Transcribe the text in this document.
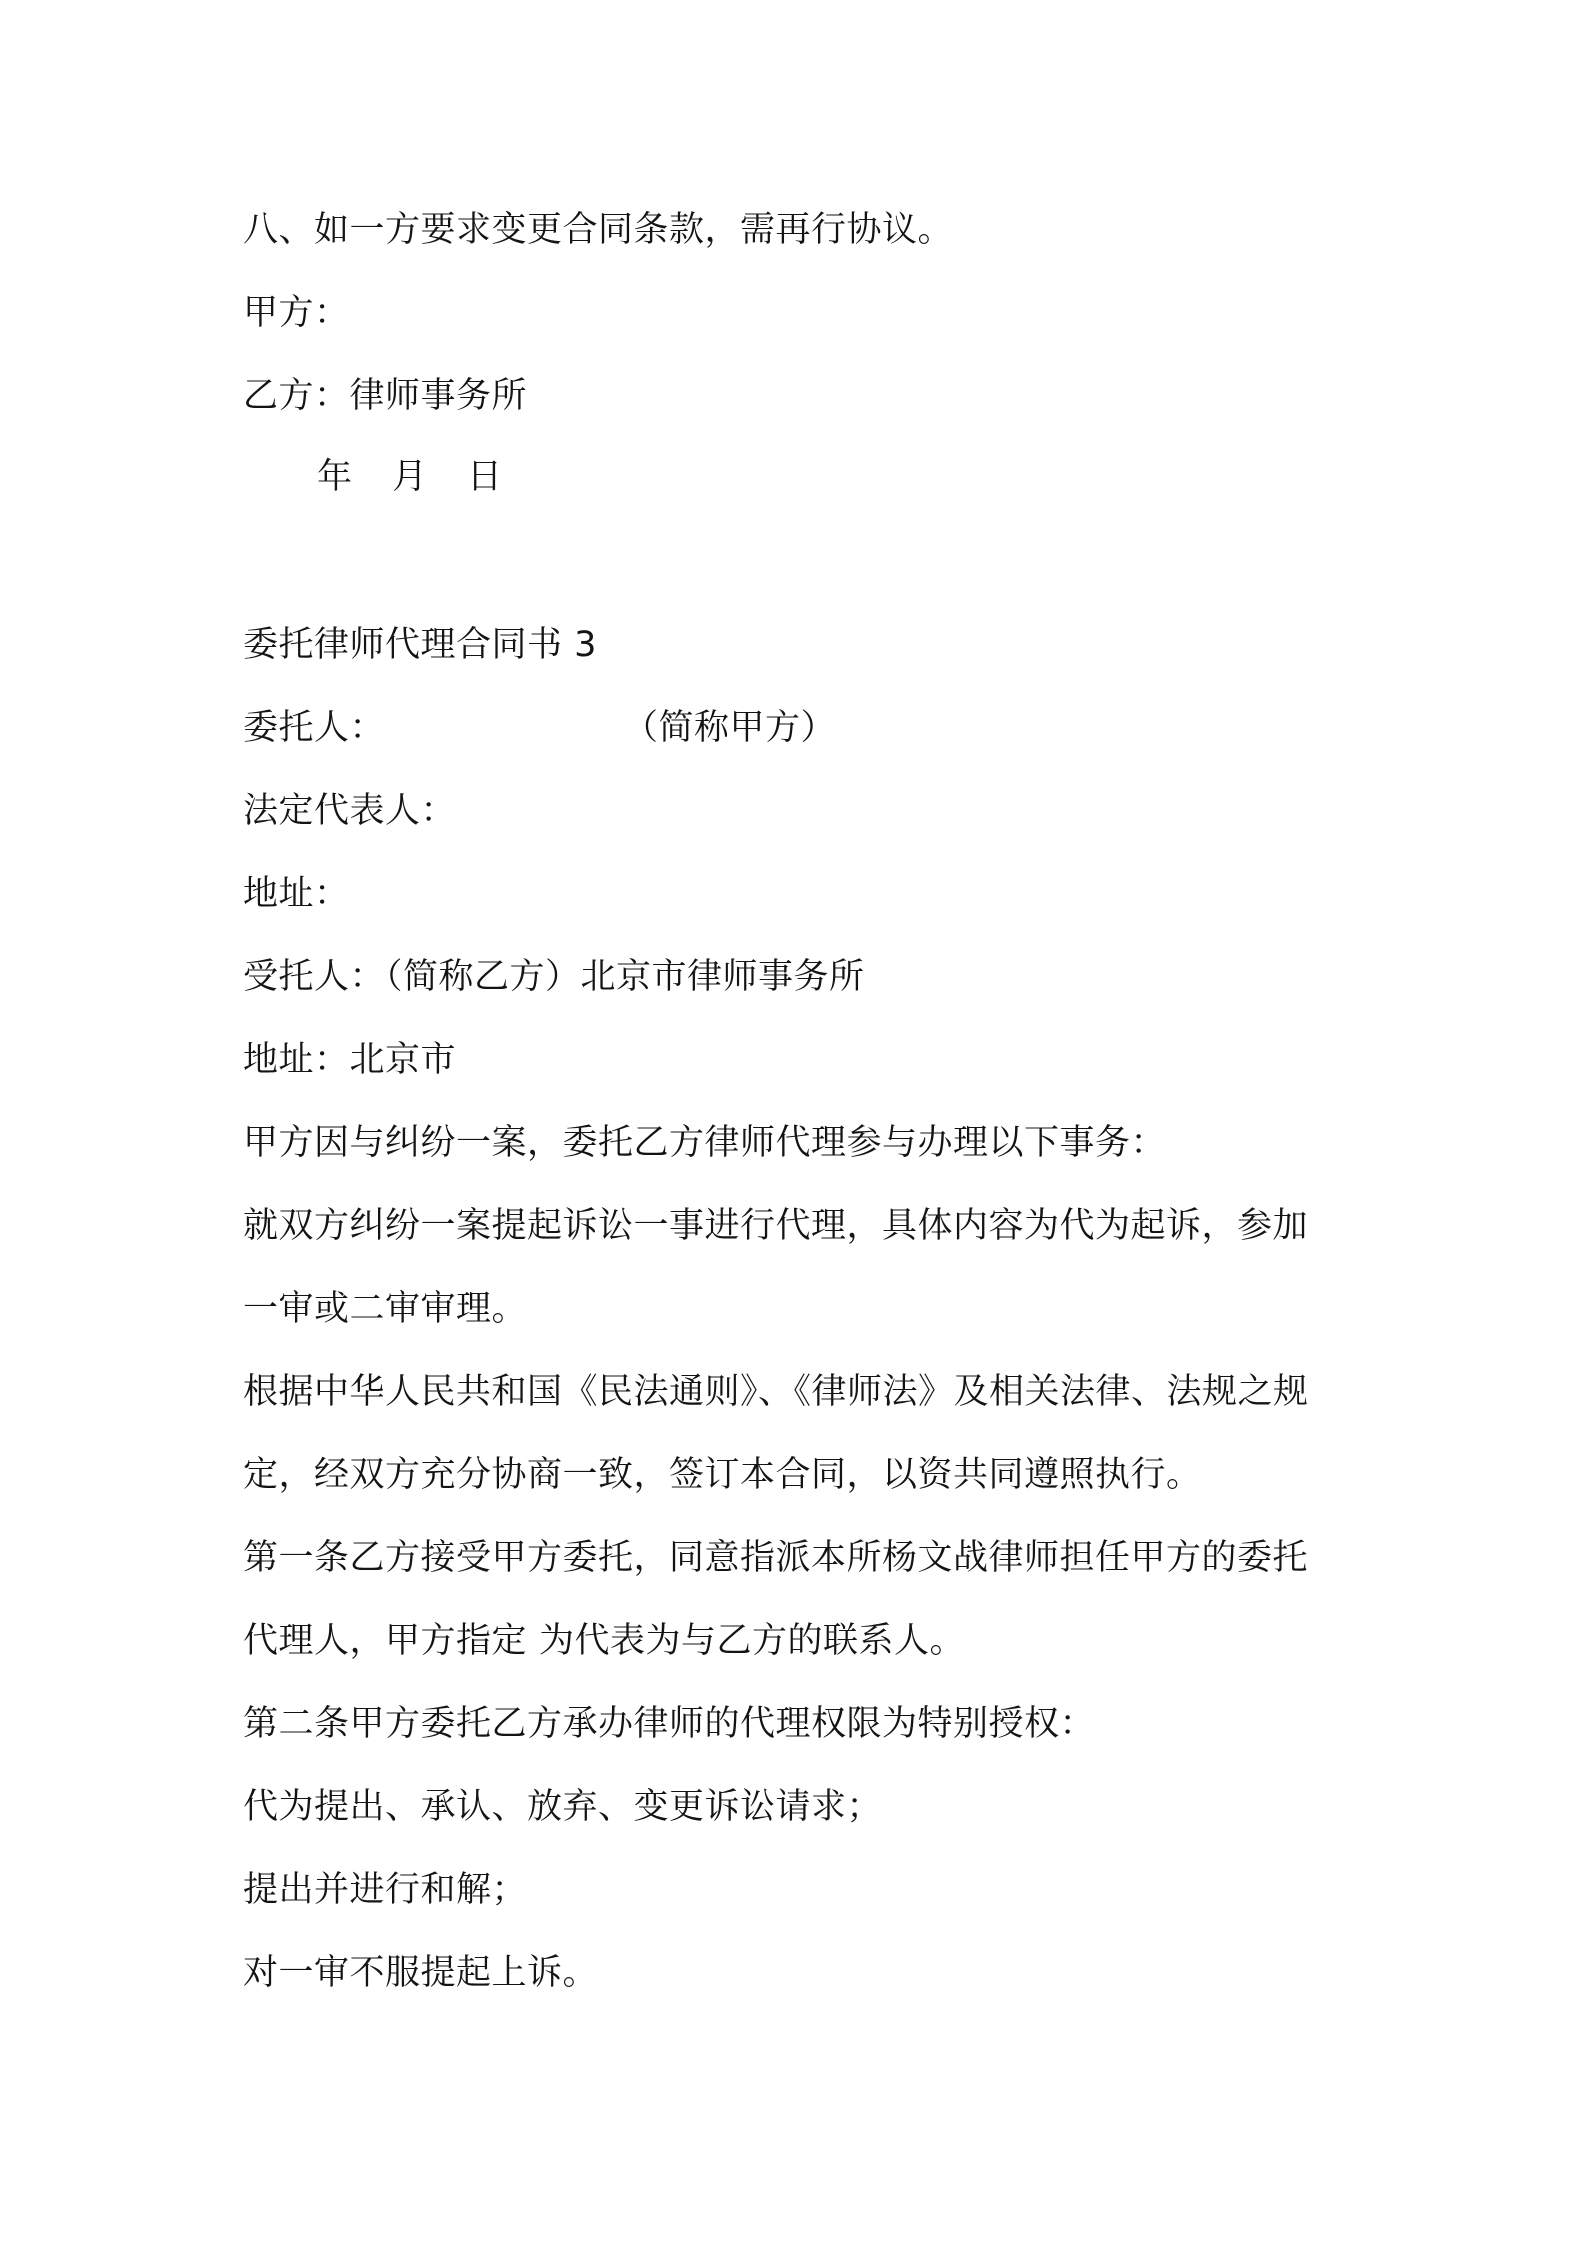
八、如一方要求变更合同条款，需再行协议。
甲方：
乙方：律师事务所
年 月 日
委托律师代理合同书 3
委托人：	（简称甲方）
法定代表人：
地址：
受托人：（简称乙方）北京市律师事务所
地址：北京市
甲方因与纠纷一案，委托乙方律师代理参与办理以下事务：
就双方纠纷一案提起诉讼一事进行代理，具体内容为代为起诉，参加
一审或二审审理。
根据中华人民共和国《民法通则》、《律师法》及相关法律、法规之规
定，经双方充分协商一致，签订本合同，以资共同遵照执行。
第一条乙方接受甲方委托，同意指派本所杨文战律师担任甲方的委托
代理人，甲方指定 为代表为与乙方的联系人。
第二条甲方委托乙方承办律师的代理权限为特别授权：
代为提出、承认、放弃、变更诉讼请求；
提出并进行和解；
对一审不服提起上诉。
